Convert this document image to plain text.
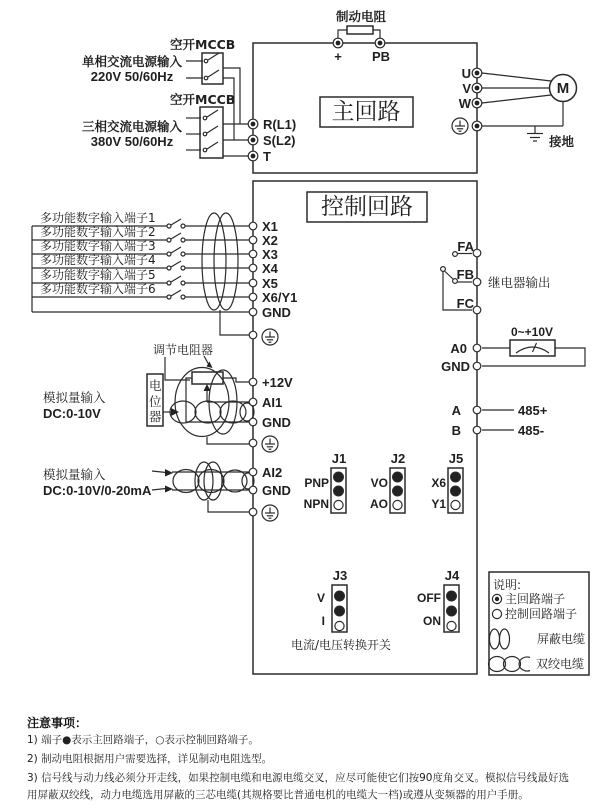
制动电阻
空开MCCB
单相交流电源输入
220V 50/60Hz
空开MCCB
三相交流电源输入
380V 50/60Hz
主回路
+ PB
R(L1)
S(L2)
T
M
U
V
W
接地
控制回路
多功能数字输入端子1
多功能数字输入端子2
多功能数字输入端子3
多功能数字输入端子4
多功能数字输入端子5
多功能数字输入端子6
X1
X2
X3
X4
X5
X6/Y1
GND
调节电阻器
模拟量输入
DC:0-10V
+12V
AI1
GND
模拟量输入
DC:0-10V/0-20mA
AI2
GND
FA
FB
FC
继电器输出
0~+10V
A0
GND
A
B
485+
485-
J1	J2	J5
PNP
NPN
VO
AO
X6
Y1
J3	J4
V
I
OFF
ON
电流/电压转换开关
说明:
主回路端子
控制回路端子
屏蔽电缆
双绞电缆
电位器
注意事项：
1) 端子●表示主回路端子，○表示控制回路端子。
2) 制动电阻根据用户需要选择，详见制动电阻选型。
3) 信号线与动力线必须分开走线，如果控制电缆和电源电缆交叉，应尽可能使它们按90度角交叉。模拟信号线最好选
用屏蔽双绞线，动力电缆选用屏蔽的三芯电缆(其规格要比普通电机的电缆大一档)或遵从变频器的用户手册。
